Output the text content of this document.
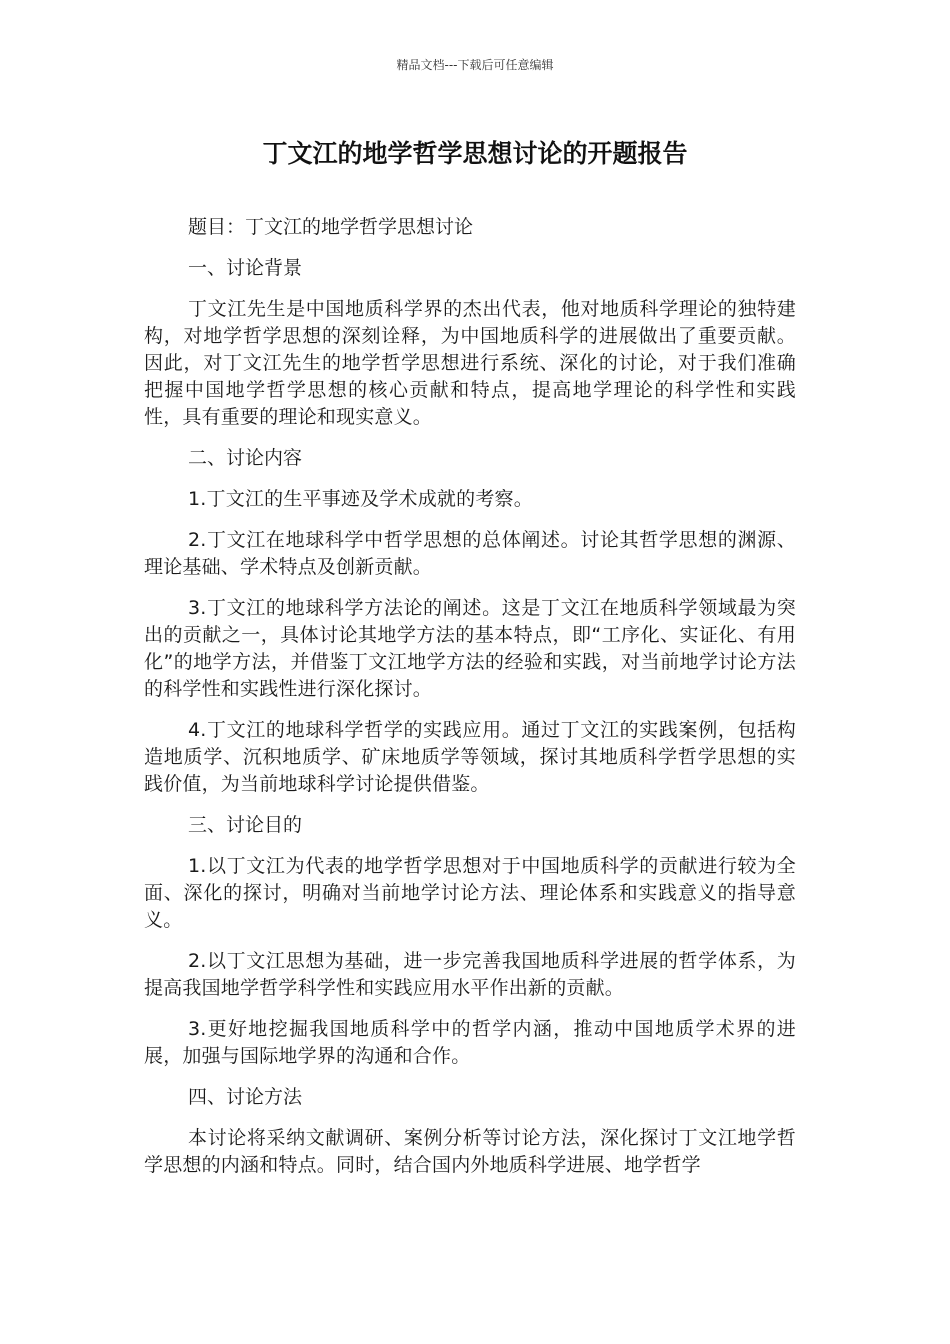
精品文档---下载后可任意编辑
丁文江的地学哲学思想讨论的开题报告

题目：丁文江的地学哲学思想讨论

一、讨论背景

丁文江先生是中国地质科学界的杰出代表，他对地质科学理论的独特建构，对地学哲学思想的深刻诠释，为中国地质科学的进展做出了重要贡献。因此，对丁文江先生的地学哲学思想进行系统、深化的讨论，对于我们准确把握中国地学哲学思想的核心贡献和特点，提高地学理论的科学性和实践性，具有重要的理论和现实意义。

二、讨论内容

1.丁文江的生平事迹及学术成就的考察。

2.丁文江在地球科学中哲学思想的总体阐述。讨论其哲学思想的渊源、理论基础、学术特点及创新贡献。

3.丁文江的地球科学方法论的阐述。这是丁文江在地质科学领域最为突出的贡献之一，具体讨论其地学方法的基本特点，即“工序化、实证化、有用化”的地学方法，并借鉴丁文江地学方法的经验和实践，对当前地学讨论方法的科学性和实践性进行深化探讨。

4.丁文江的地球科学哲学的实践应用。通过丁文江的实践案例，包括构造地质学、沉积地质学、矿床地质学等领域，探讨其地质科学哲学思想的实践价值，为当前地球科学讨论提供借鉴。

三、讨论目的

1.以丁文江为代表的地学哲学思想对于中国地质科学的贡献进行较为全面、深化的探讨，明确对当前地学讨论方法、理论体系和实践意义的指导意义。

2.以丁文江思想为基础，进一步完善我国地质科学进展的哲学体系，为提高我国地学哲学科学性和实践应用水平作出新的贡献。

3.更好地挖掘我国地质科学中的哲学内涵，推动中国地质学术界的进展，加强与国际地学界的沟通和合作。

四、讨论方法

本讨论将采纳文献调研、案例分析等讨论方法，深化探讨丁文江地学哲学思想的内涵和特点。同时，结合国内外地质科学进展、地学哲学
